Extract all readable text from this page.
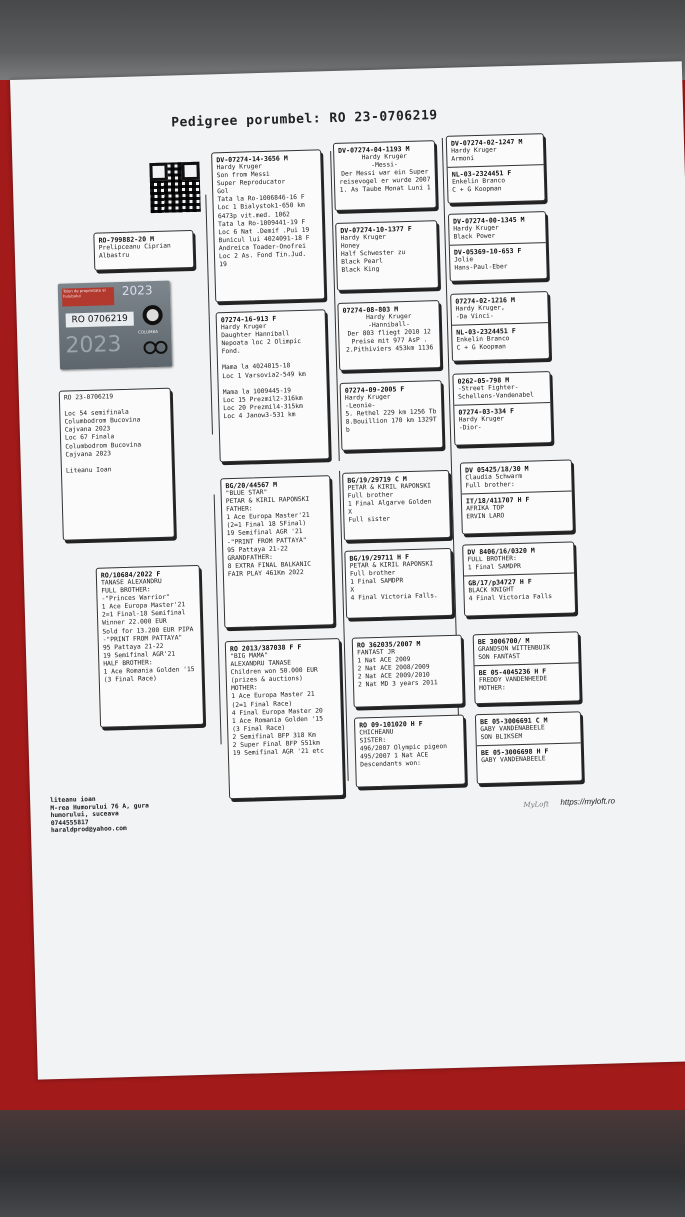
Pedigree porumbel: RO 23-0706219
Tolon de proprietate al hulubului	2023
RO 0706219
2023
COLUMBA
RO-799882-20 M
Prelipceanu Ciprian
Albastru
RO 23-0706219

Loc 54 semifinala
Columbodrom Bucovina
Cajvana 2023
Loc 67 Finala
Columbodrom Bucovina
Cajvana 2023

Liteanu Ioan
RO/10684/2022 F
TANASE ALEXANDRU
FULL BROTHER:
-"Princes Warrior"
1 Ace Europa Master'21
2=1 Final-18 Semifinal
Winner 22.000 EUR
Sold for 13.200 EUR PIPA
-"PRINT FROM PATTAYA"
95 Pattaya 21-22
19 Semifinal AGR'21
HALF BROTHER:
1 Ace Romania Golden '15
(3 Final Race)
DV-07274-14-3656 M
Hardy Kruger
Son from Messi
Super Reproducator
Gol
Tata la Ro-1006846-16 F
Loc 1 Bialystok1-650 km
6473p vit.med. 1062
Tata la Ro-1009441-19 F
Loc 6 Nat .Demif .Pui 19
Bunicul lui 4024091-18 F
Andreica Toader-Onofrei
Loc 2 As. Fond Tin.Jud.
19
07274-16-913 F
Hardy Kruger
Daughter Hanniball
Nepoata loc 2 Olimpic
Fond.

Mama la 4024015-18
Loc 1 Varsovia2-549 km

Mama la 1009445-19
Loc 15 Prezmil2-316km
Loc 20 Prezmil4-315km
Loc 4 Janow3-531 km
BG/20/44567 M
"BLUE STAR"
PETAR & KIRIL RAPONSKI
FATHER:
1 Ace Europa Master'21
(2=1 Final 18 SFinal)
19 Semifinal AGR '21
-"PRINT FROM PATTAYA"
95 Pattaya 21-22
GRANDFATHER:
8 EXTRA FINAL BALKANIC
FAIR PLAY 461Km 2022
RO 2013/387038 F F
"BIG MAMA"
ALEXANDRU TANASE
Children won 50.000 EUR
(prizes & auctions)
MOTHER:
1 Ace Europa Master 21
(2=1 Final Race)
4 Final Europa Master 20
1 Ace Romania Golden '15
(3 Final Race)
2 Semifinal BFP 318 Km
2 Super Final BFP 551km
19 Semifinal AGR '21 etc
DV-07274-04-1193 M
Hardy Kruger
-Messi-
Der Messi war ein Super
reisevogel er wurde 2007
1. As Taube Monat Luni 1
DV-07274-10-1377 F
Hardy Kruger
Honey
Half Schwester zu
Black Pearl
Black King
07274-08-803 M
Hardy Kruger
-Hanniball-
Der 803 fliegt 2010 12
Preise mit 977 AsP .
2.Pithiviers 453km 1136
07274-09-2005 F
Hardy Kruger
-Leonie-
5. Rethel 229 km 1256 Tb
8.Bouillion 170 km 1329T
b
BG/19/29719 C M
PETAR & KIRIL RAPONSKI
Full brother
1 Final Algarve Golden
X
Full sister
BG/19/29711 H F
PETAR & KIRIL RAPONSKI
Full brother
1 Final SAMDPR
X
4 Final Victoria Falls.
RO 362035/2007 M
FANTAST JR
1 Nat ACE 2009
2 Nat ACE 2008/2009
2 Nat ACE 2009/2010
2 Nat MD 3 years 2011
RO 09-101020 H F
CHICHEANU
SISTER:
496/2007 Olympic pigeon
495/2007 1 Nat ACE
Descendants won:
DV-07274-02-1247 M
Hardy Kruger
Armoni
NL-03-2324451 F
Enkelin Branco
C + G Koopman
DV-07274-00-1345 M
Hardy Kruger
Black Power
DV-05369-10-653 F
Jolie
Hans-Paul-Eber
07274-02-1216 M
Hardy Kruger,
-Da Vinci-
NL-03-2324451 F
Enkelin Branco
C + G Koopman
0262-05-798 M
-Street Fighter-
Schellens-Vandenabel
07274-03-334 F
Hardy Kruger
-Dior-
DV 05425/18/30 M
Claudia Schwarm
Full brother:
IT/18/411707 H F
AFRIKA TOP
ERVIN LARO
DV 8406/16/0320 M
FULL BROTHER:
1 Final SAMDPR
GB/17/p34727 H F
BLACK KNIGHT
4 Final Victoria Falls
BE 3006700/ M
GRANDSON WITTENBUIK
SON FANTAST
BE 05-4045236 H F
FREDDY VANDENHEEDE
MOTHER:
BE 05-3006691 C M
GABY VANDENABEELE
SON BLIKSEM
BE 05-3006698 H F
GABY VANDENABEELE
liteanu ioan
M-rea Humorului 76 A, gura
humorului, suceava
0744555817
haraldprod@yahoo.com
MyLoft https://myloft.ro
